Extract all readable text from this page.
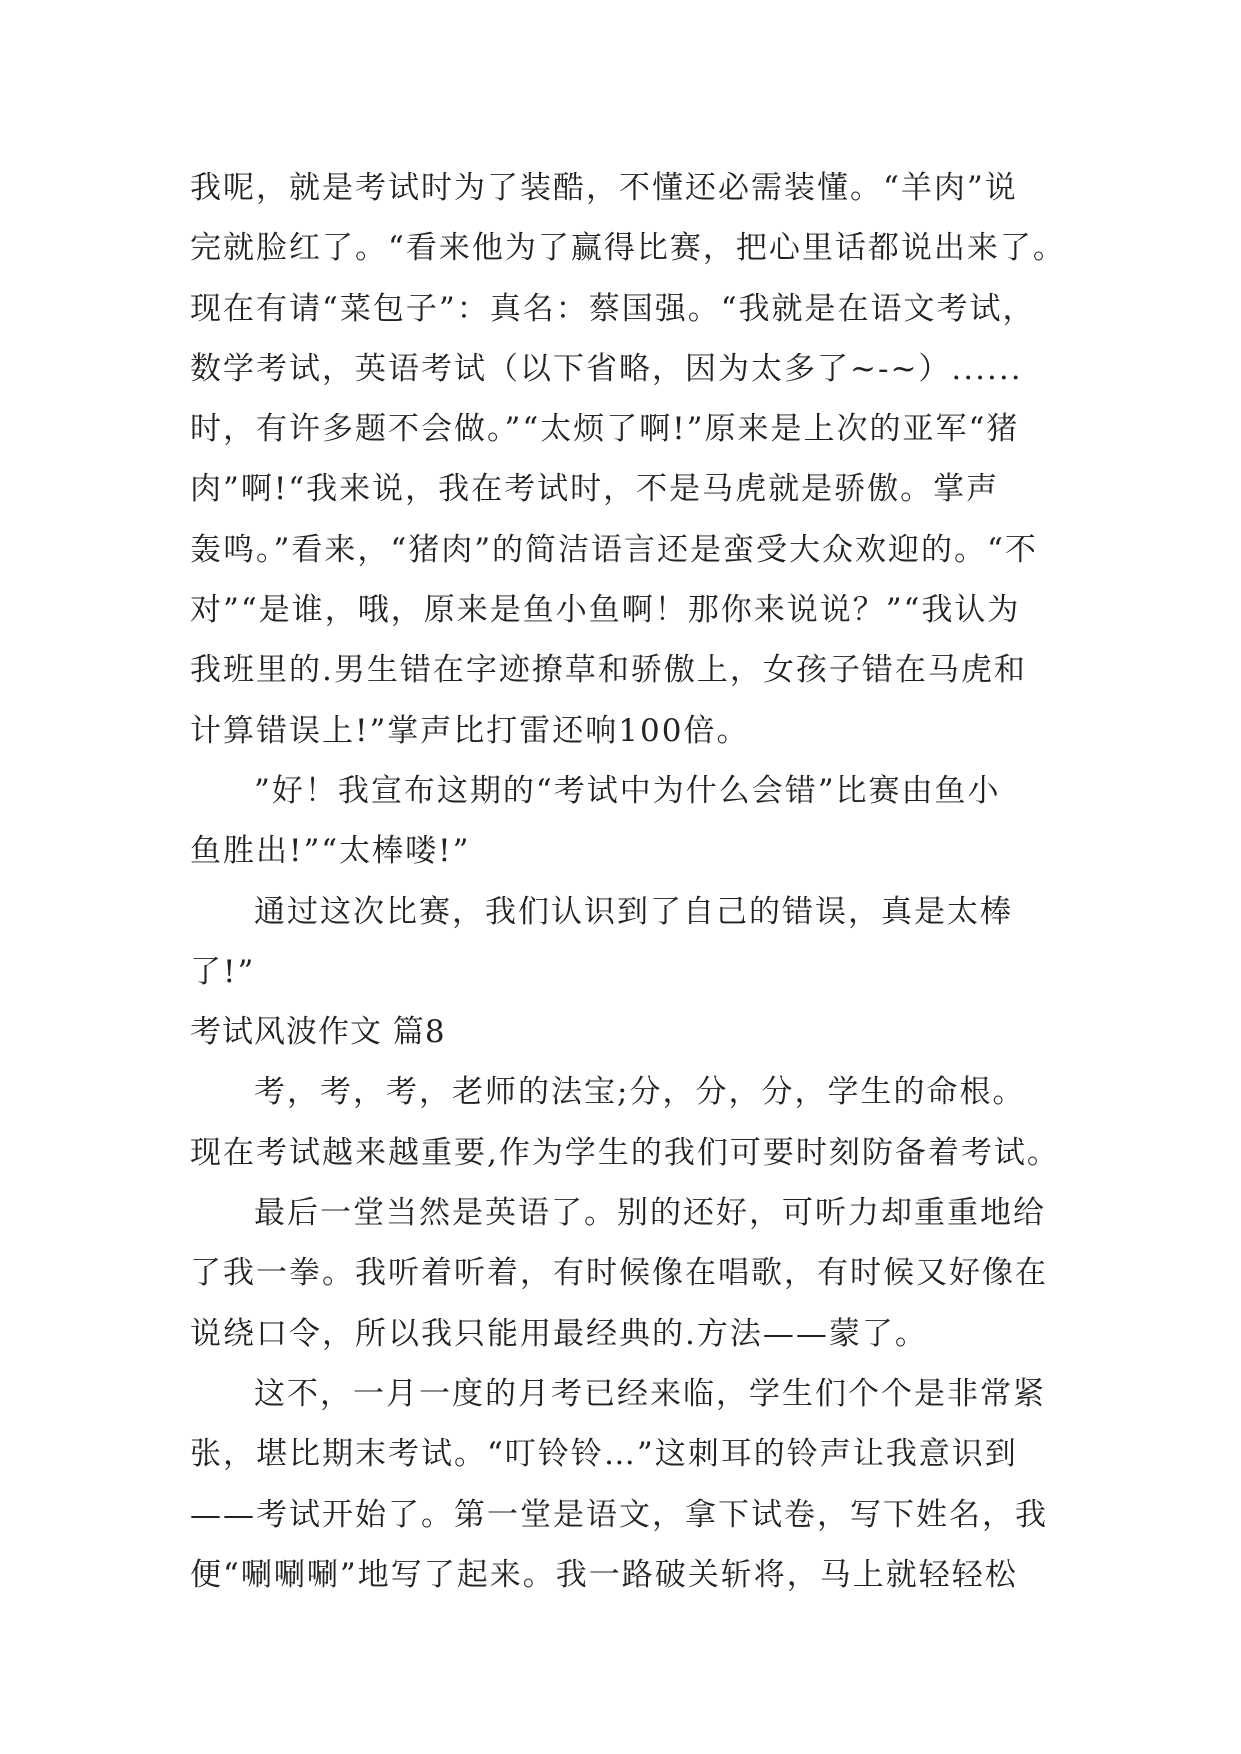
我呢，就是考试时为了装酷，不懂还必需装懂。“羊肉”说
完就脸红了。“看来他为了赢得比赛，把心里话都说出来了。
现在有请“菜包子”：真名：蔡国强。“我就是在语文考试，
数学考试，英语考试（以下省略，因为太多了~-~）......
时，有许多题不会做。”“太烦了啊!”原来是上次的亚军“猪
肉”啊!“我来说，我在考试时，不是马虎就是骄傲。掌声
轰鸣。”看来，“猪肉”的简洁语言还是蛮受大众欢迎的。“不
对”“是谁，哦，原来是鱼小鱼啊！那你来说说？”“我认为
我班里的.男生错在字迹撩草和骄傲上，女孩子错在马虎和
计算错误上!”掌声比打雷还响100倍。
”好！我宣布这期的“考试中为什么会错”比赛由鱼小
鱼胜出!”“太棒喽!”
通过这次比赛，我们认识到了自己的错误，真是太棒
了!”
考试风波作文 篇8
考，考，考，老师的法宝;分，分，分，学生的命根。
现在考试越来越重要,作为学生的我们可要时刻防备着考试。
最后一堂当然是英语了。别的还好，可听力却重重地给
了我一拳。我听着听着，有时候像在唱歌，有时候又好像在
说绕口令，所以我只能用最经典的.方法——蒙了。
这不，一月一度的月考已经来临，学生们个个是非常紧
张，堪比期末考试。“叮铃铃…”这刺耳的铃声让我意识到
——考试开始了。第一堂是语文，拿下试卷，写下姓名，我
便“唰唰唰”地写了起来。我一路破关斩将，马上就轻轻松
